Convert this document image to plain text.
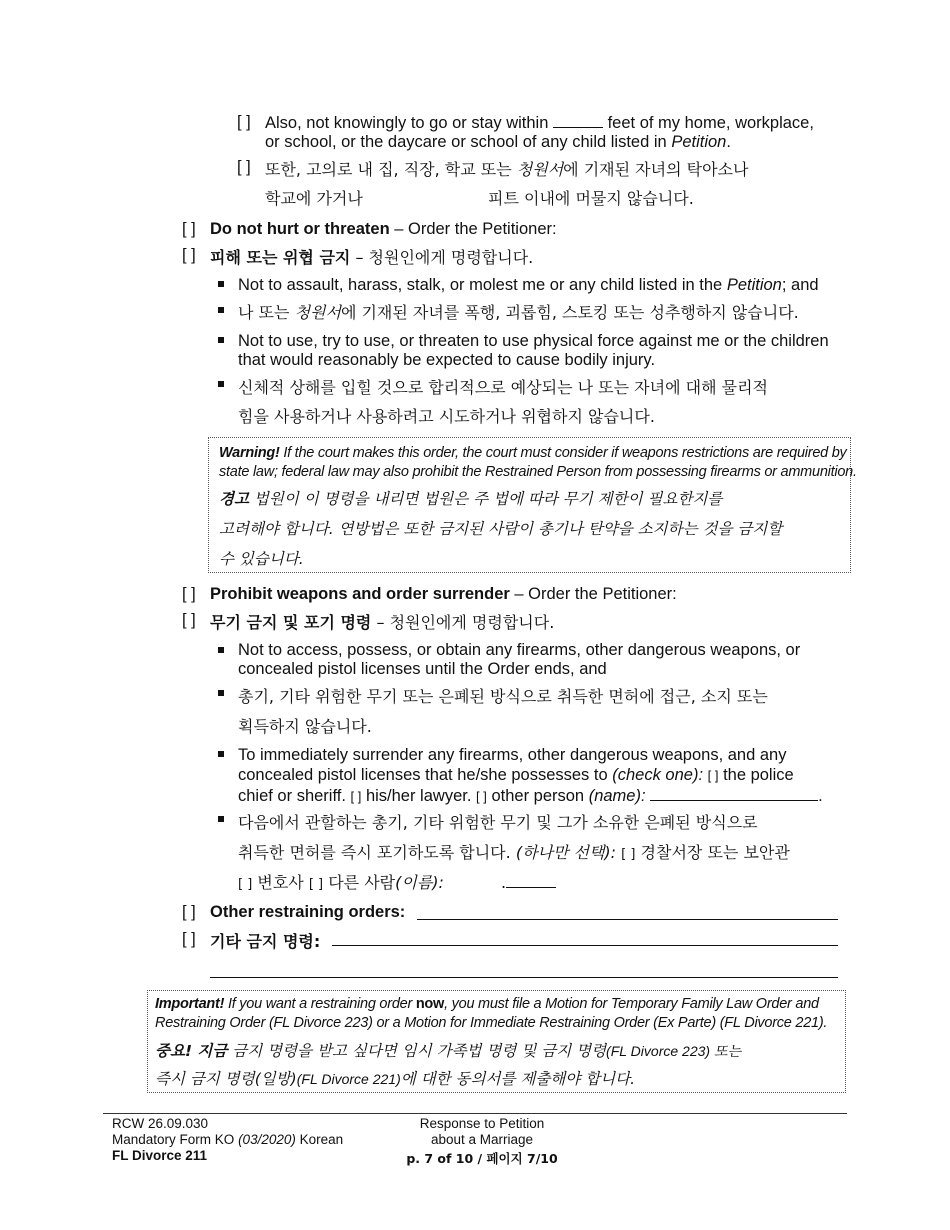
[ ] Also, not knowingly to go or stay within	feet of my home, workplace,
or school, or the daycare or school of any child listed in Petition.
[ ] 또한, 고의로 내 집, 직장, 학교 또는 청원서에 기재된 자녀의 탁아소나
학교에 가거나	피트 이내에 머물지 않습니다.
[ ] Do not hurt or threaten – Order the Petitioner:
[ ] 피해 또는 위협 금지 – 청원인에게 명령합니다.
Not to assault, harass, stalk, or molest me or any child listed in the Petition; and
나 또는 청원서에 기재된 자녀를 폭행, 괴롭힘, 스토킹 또는 성추행하지 않습니다.
Not to use, try to use, or threaten to use physical force against me or the children
that would reasonably be expected to cause bodily injury.
신체적 상해를 입힐 것으로 합리적으로 예상되는 나 또는 자녀에 대해 물리적
힘을 사용하거나 사용하려고 시도하거나 위협하지 않습니다.
Warning! If the court makes this order, the court must consider if weapons restrictions are required by
state law; federal law may also prohibit the Restrained Person from possessing firearms or ammunition.
경고 법원이 이 명령을 내리면 법원은 주 법에 따라 무기 제한이 필요한지를
고려해야 합니다. 연방법은 또한 금지된 사람이 총기나 탄약을 소지하는 것을 금지할
수 있습니다.
[ ] Prohibit weapons and order surrender – Order the Petitioner:
[ ] 무기 금지 및 포기 명령 – 청원인에게 명령합니다.
Not to access, possess, or obtain any firearms, other dangerous weapons, or
concealed pistol licenses until the Order ends, and
총기, 기타 위험한 무기 또는 은폐된 방식으로 취득한 면허에 접근, 소지 또는
획득하지 않습니다.
To immediately surrender any firearms, other dangerous weapons, and any
concealed pistol licenses that he/she possesses to (check one): [ ] the police
chief or sheriff. [ ] his/her lawyer. [ ] other person (name):	.
다음에서 관할하는 총기, 기타 위험한 무기 및 그가 소유한 은폐된 방식으로
취득한 면허를 즉시 포기하도록 합니다. (하나만 선택): [ ] 경찰서장 또는 보안관
[ ] 변호사 [ ] 다른 사람(이름):	.
[ ] Other restraining orders:
[ ] 기타 금지 명령:
Important! If you want a restraining order now, you must file a Motion for Temporary Family Law Order and
Restraining Order (FL Divorce 223) or a Motion for Immediate Restraining Order (Ex Parte) (FL Divorce 221).
중요! 지금 금지 명령을 받고 싶다면 임시 가족법 명령 및 금지 명령(FL Divorce 223) 또는
즉시 금지 명령(일방)(FL Divorce 221)에 대한 동의서를 제출해야 합니다.
RCW 26.09.030
Mandatory Form KO (03/2020) Korean
FL Divorce 211
Response to Petition
about a Marriage
p. 7 of 10 / 페이지 7/10
